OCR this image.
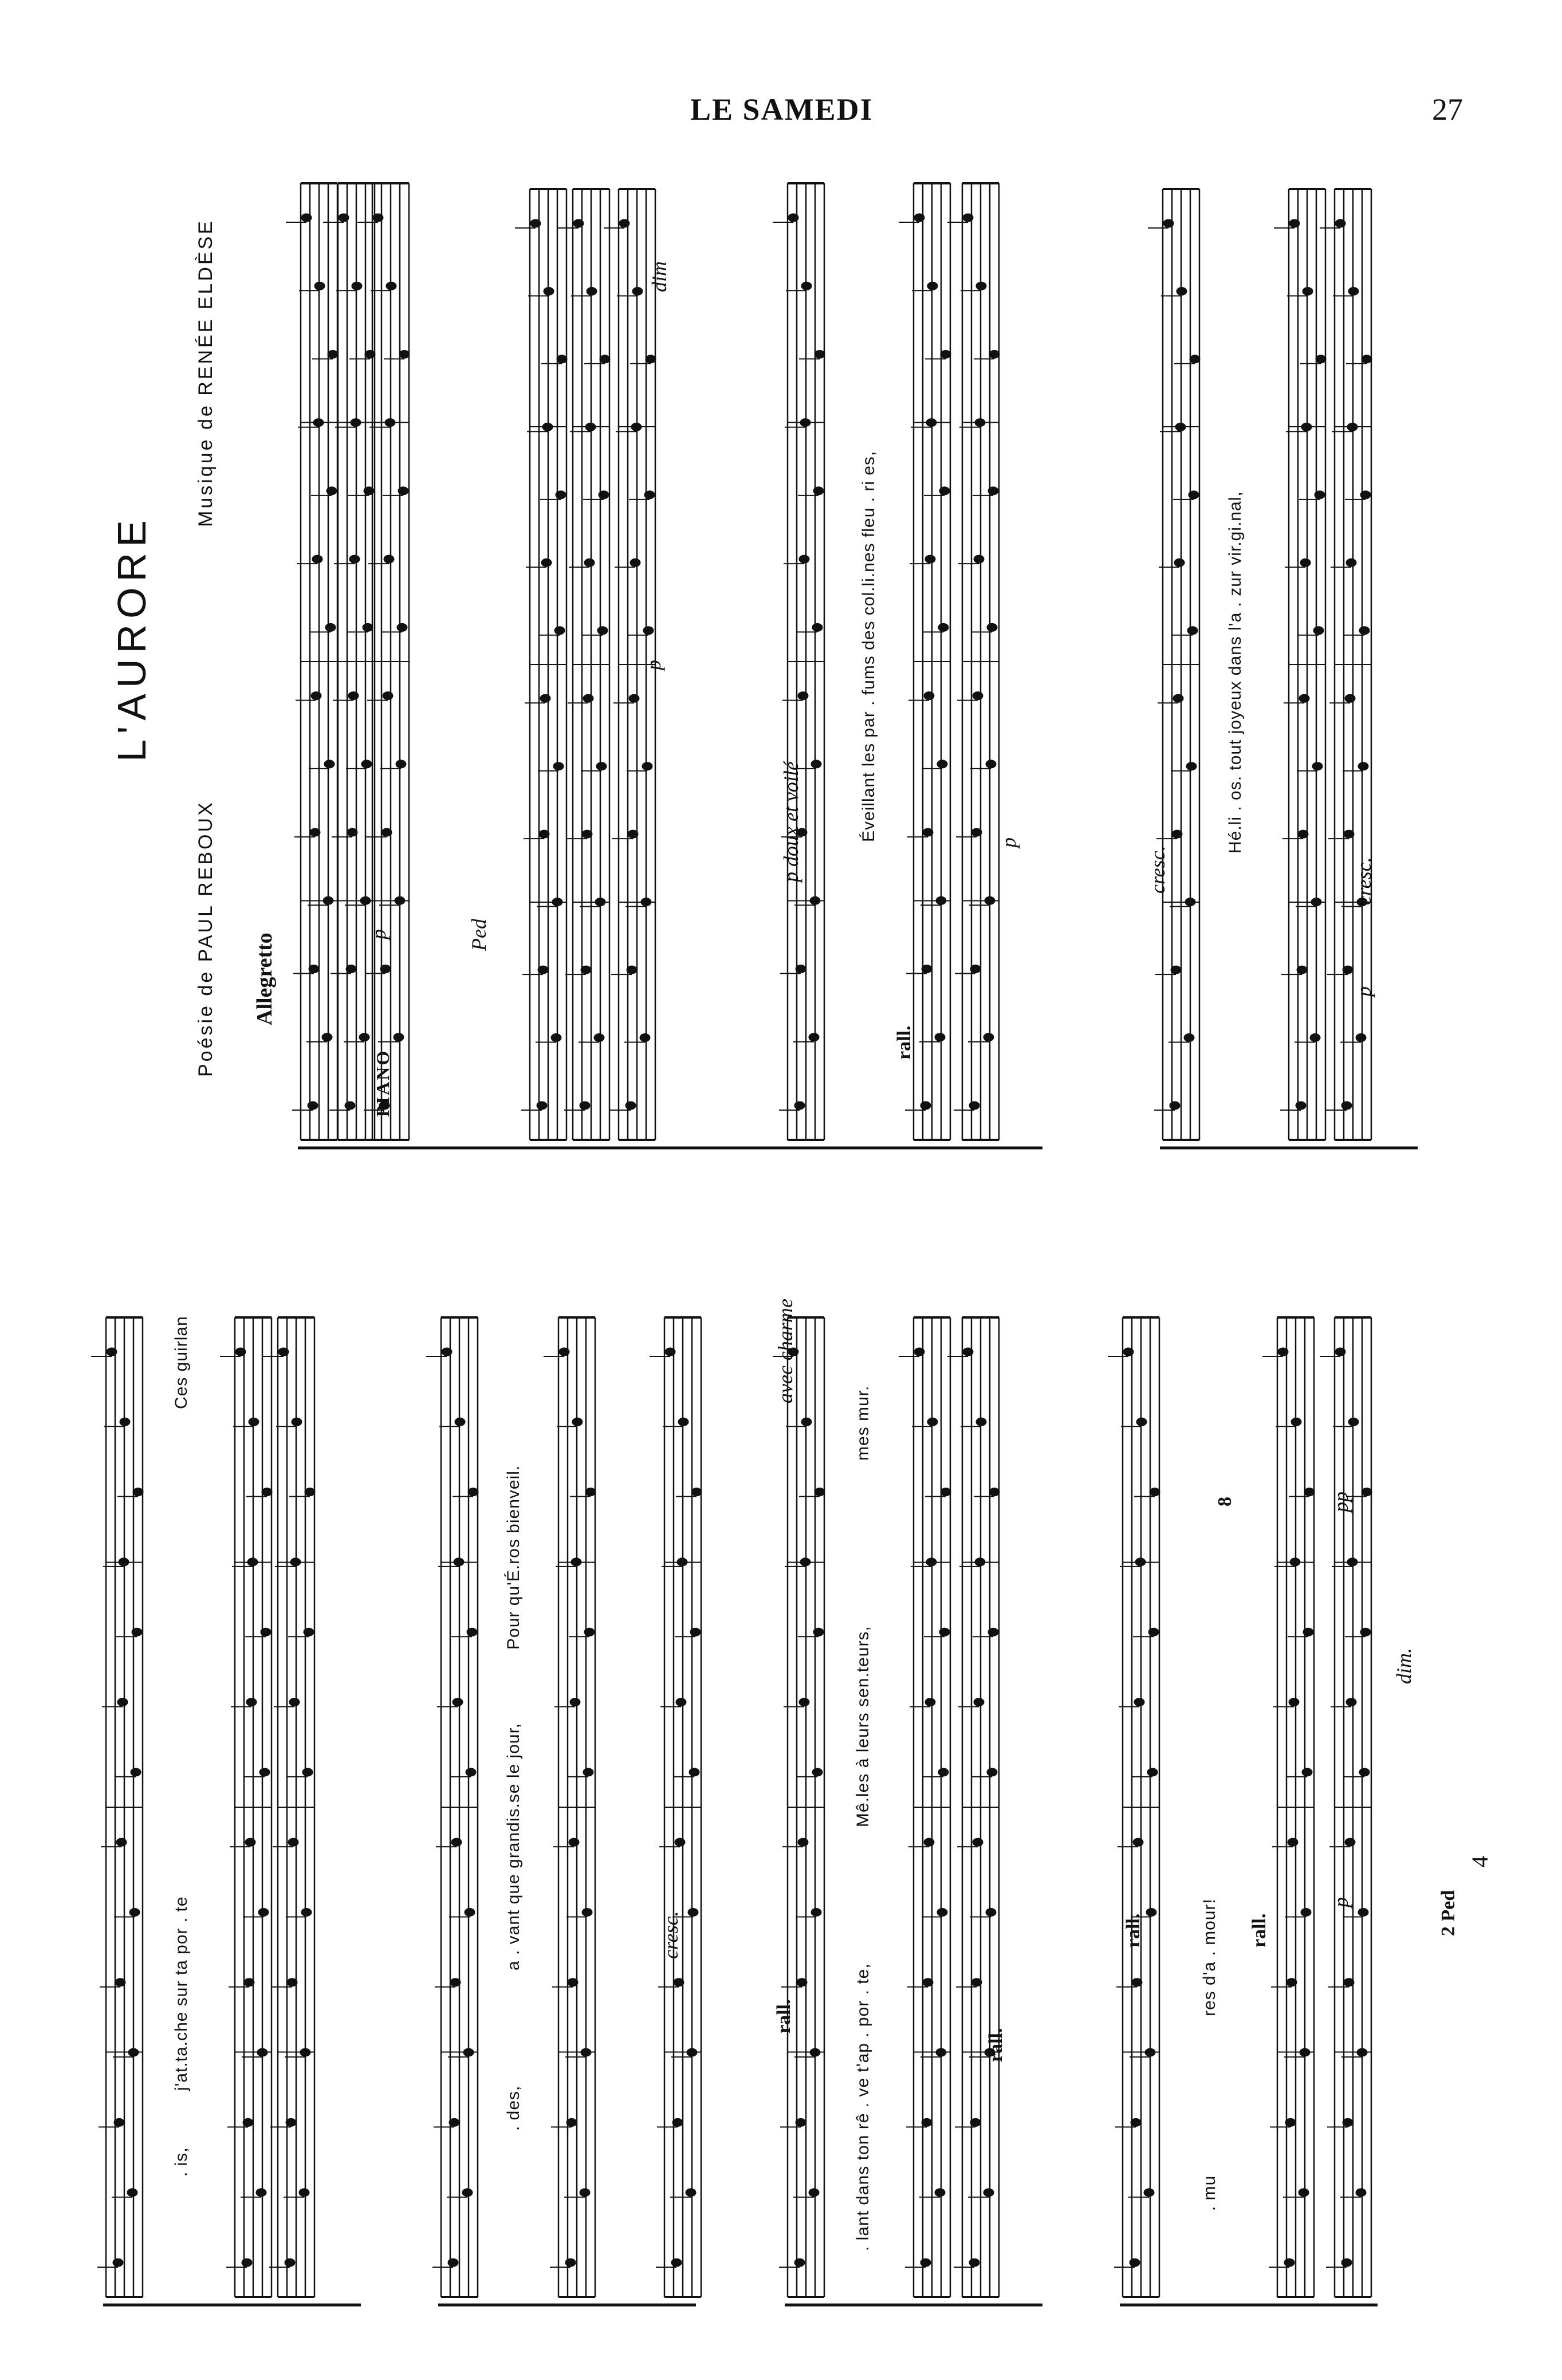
LE SAMEDI	27
L'AURORE
Poésie de PAUL REBOUX
Musique de RENÉE ELDÈSE
Allegretto
PIANO
p	Ped
p
dim
rall.
p doux et voilé	Éveillant les par . fums des col.li.nes fleu . ri es,
p
cresc.
Hé.li . os. tout joyeux dans l'a . zur vir.gi.nal,
p
cresc.
. is,
j'at.ta.che sur ta por . te
Ces guirlan
. des,
a . vant que grandis.se le jour,
Pour qu'É.ros bienveil.
cresc.
rall.	. lant dans ton rê . ve t'ap . por . te,
Mê.les à leurs sen.teurs,
mes mur.
avec charme
rall.
. mu
res d'a . mour!
rall.	rall.
p
dim.
pp
8
2 Ped
4
